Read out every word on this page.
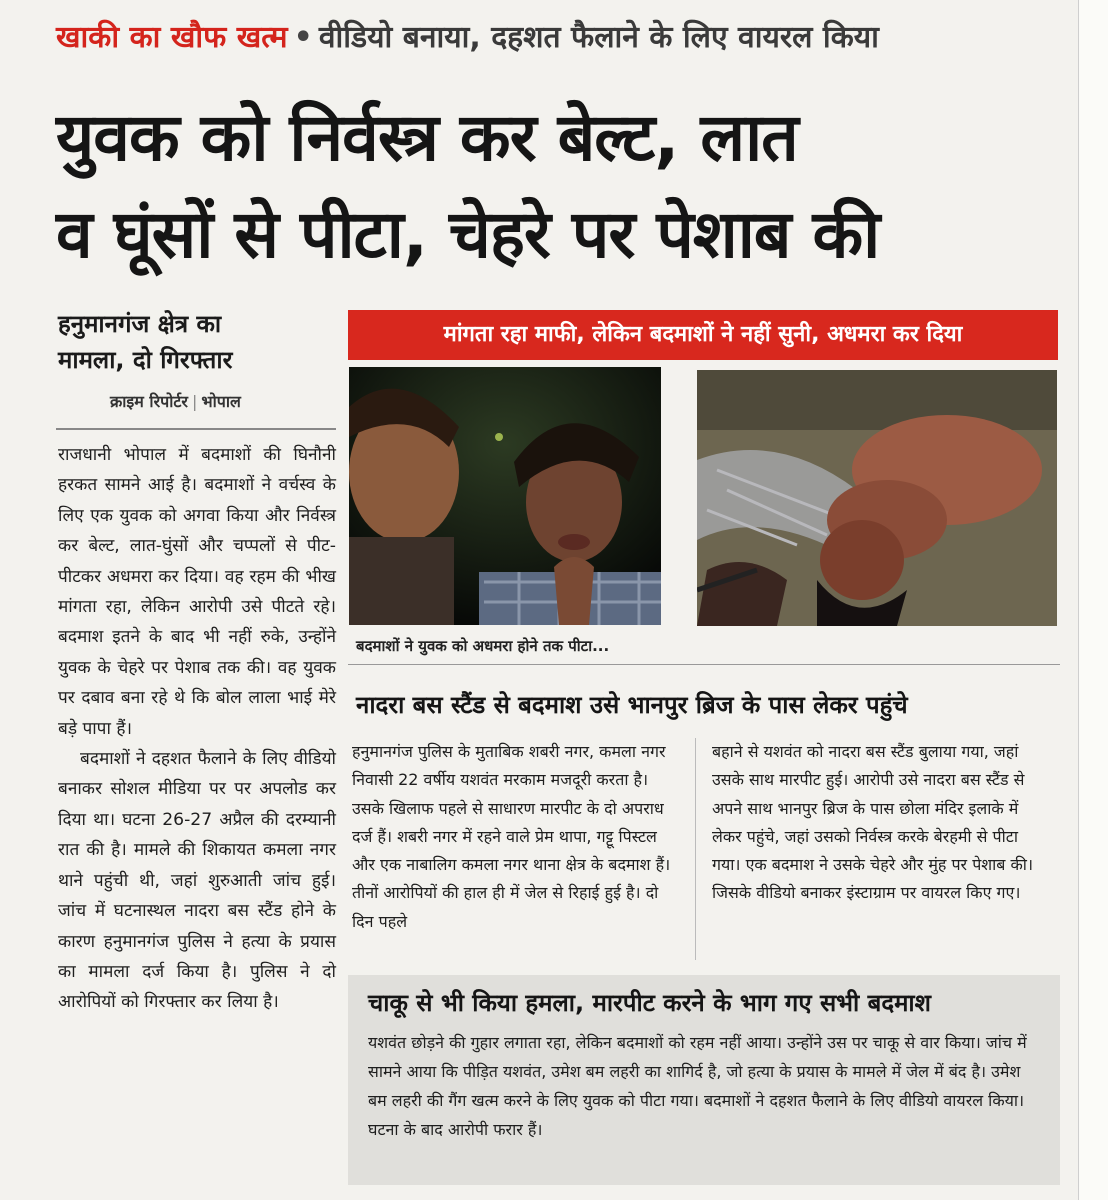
खाकी का खौफ खत्म • वीडियो बनाया, दहशत फैलाने के लिए वायरल किया
युवक को निर्वस्त्र कर बेल्ट, लात
व घूंसों से पीटा, चेहरे पर पेशाब की
हनुमानगंज क्षेत्र का
मामला, दो गिरफ्तार
क्राइम रिपोर्टर | भोपाल

राजधानी भोपाल में बदमाशों की घिनौनी हरकत सामने आई है। बदमाशों ने वर्चस्व के लिए एक युवक को अगवा किया और निर्वस्त्र कर बेल्ट, लात-घुंसों और चप्पलों से पीट-पीटकर अधमरा कर दिया। वह रहम की भीख मांगता रहा, लेकिन आरोपी उसे पीटते रहे। बदमाश इतने के बाद भी नहीं रुके, उन्होंने युवक के चेहरे पर पेशाब तक की। वह युवक पर दबाव बना रहे थे कि बोल लाला भाई मेरे बड़े पापा हैं।

बदमाशों ने दहशत फैलाने के लिए वीडियो बनाकर सोशल मीडिया पर पर अपलोड कर दिया था। घटना 26-27 अप्रैल की दरम्यानी रात की है। मामले की शिकायत कमला नगर थाने पहुंची थी, जहां शुरुआती जांच हुई। जांच में घटनास्थल नादरा बस स्टैंड होने के कारण हनुमानगंज पुलिस ने हत्या के प्रयास का मामला दर्ज किया है। पुलिस ने दो आरोपियों को गिरफ्तार कर लिया है।

मांगता रहा माफी, लेकिन बदमाशों ने नहीं सुनी, अधमरा कर दिया
बदमाशों ने युवक को अधमरा होने तक पीटा...
नादरा बस स्टैंड से बदमाश उसे भानपुर ब्रिज के पास लेकर पहुंचे

हनुमानगंज पुलिस के मुताबिक शबरी नगर, कमला नगर निवासी 22 वर्षीय यशवंत मरकाम मजदूरी करता है। उसके खिलाफ पहले से साधारण मारपीट के दो अपराध दर्ज हैं। शबरी नगर में रहने वाले प्रेम थापा, गट्टू पिस्टल और एक नाबालिग कमला नगर थाना क्षेत्र के बदमाश हैं। तीनों आरोपियों की हाल ही में जेल से रिहाई हुई है। दो दिन पहले

बहाने से यशवंत को नादरा बस स्टैंड बुलाया गया, जहां उसके साथ मारपीट हुई। आरोपी उसे नादरा बस स्टैंड से अपने साथ भानपुर ब्रिज के पास छोला मंदिर इलाके में लेकर पहुंचे, जहां उसको निर्वस्त्र करके बेरहमी से पीटा गया। एक बदमाश ने उसके चेहरे और मुंह पर पेशाब की। जिसके वीडियो बनाकर इंस्टाग्राम पर वायरल किए गए।

चाकू से भी किया हमला, मारपीट करने के भाग गए सभी बदमाश

यशवंत छोड़ने की गुहार लगाता रहा, लेकिन बदमाशों को रहम नहीं आया। उन्होंने उस पर चाकू से वार किया। जांच में सामने आया कि पीड़ित यशवंत, उमेश बम लहरी का शागिर्द है, जो हत्या के प्रयास के मामले में जेल में बंद है। उमेश बम लहरी की गैंग खत्म करने के लिए युवक को पीटा गया। बदमाशों ने दहशत फैलाने के लिए वीडियो वायरल किया। घटना के बाद आरोपी फरार हैं।
